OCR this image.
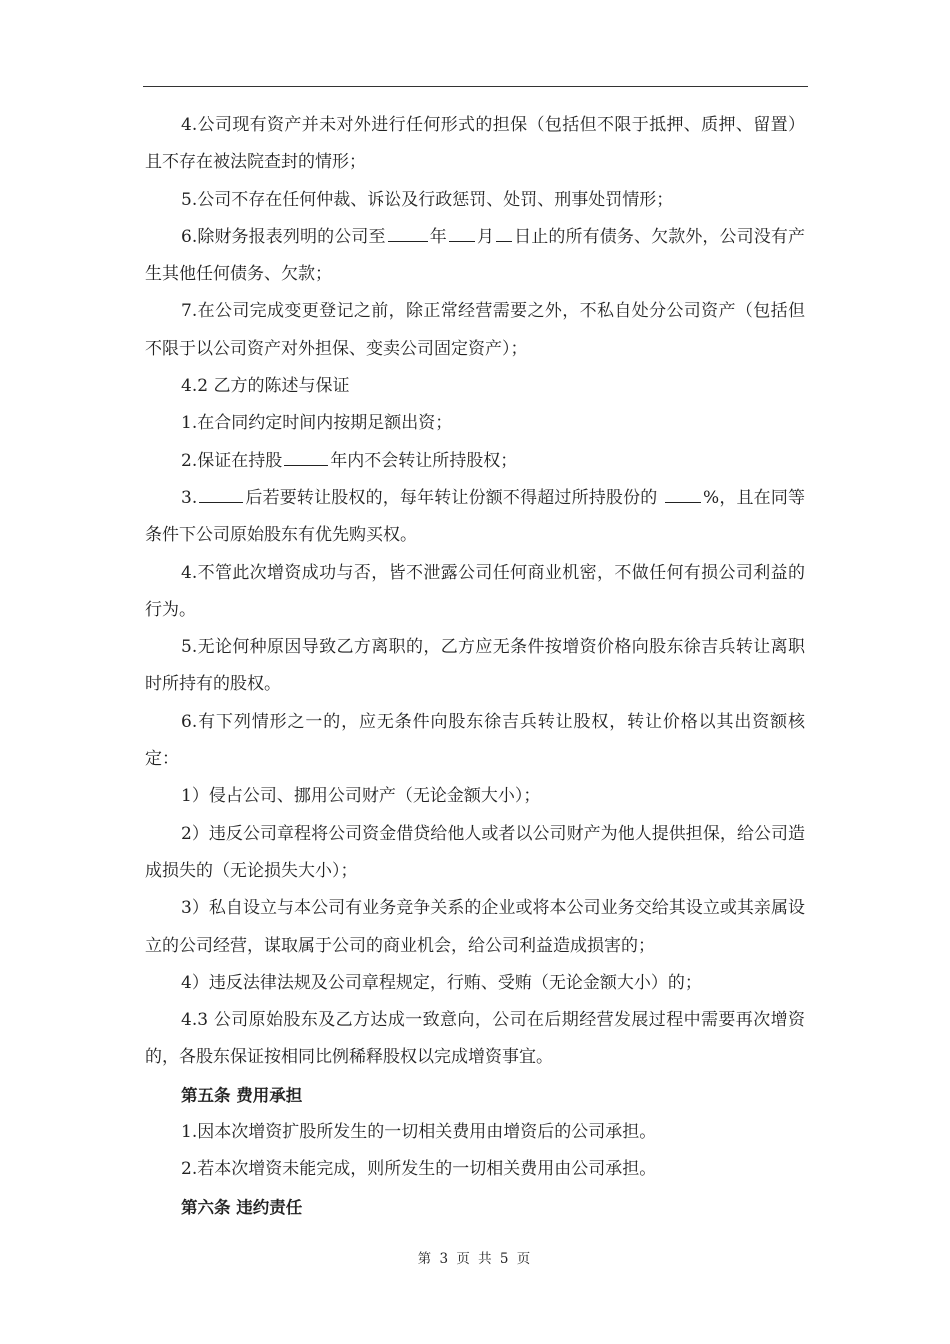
4.公司现有资产并未对外进行任何形式的担保（包括但不限于抵押、质押、留置）且不存在被法院查封的情形；

5.公司不存在任何仲裁、诉讼及行政惩罚、处罚、刑事处罚情形；

6.除财务报表列明的公司至	年 月 日止的所有债务、欠款外，公司没有产生其他任何债务、欠款；

7.在公司完成变更登记之前，除正常经营需要之外，不私自处分公司资产（包括但不限于以公司资产对外担保、变卖公司固定资产）；

4.2 乙方的陈述与保证

1.在合同约定时间内按期足额出资；

2.保证在持股	年内不会转让所持股权；

3.	后若要转让股权的，每年转让份额不得超过所持股份的	%，且在同等条件下公司原始股东有优先购买权。

4.不管此次增资成功与否，皆不泄露公司任何商业机密，不做任何有损公司利益的行为。

5.无论何种原因导致乙方离职的，乙方应无条件按增资价格向股东徐吉兵转让离职时所持有的股权。

6.有下列情形之一的，应无条件向股东徐吉兵转让股权，转让价格以其出资额核定：

1）侵占公司、挪用公司财产（无论金额大小）；

2）违反公司章程将公司资金借贷给他人或者以公司财产为他人提供担保，给公司造成损失的（无论损失大小）；

3）私自设立与本公司有业务竞争关系的企业或将本公司业务交给其设立或其亲属设立的公司经营，谋取属于公司的商业机会，给公司利益造成损害的；

4）违反法律法规及公司章程规定，行贿、受贿（无论金额大小）的；

4.3 公司原始股东及乙方达成一致意向，公司在后期经营发展过程中需要再次增资的，各股东保证按相同比例稀释股权以完成增资事宜。

第五条 费用承担

1.因本次增资扩股所发生的一切相关费用由增资后的公司承担。

2.若本次增资未能完成，则所发生的一切相关费用由公司承担。

第六条 违约责任

第 3 页 共 5 页
